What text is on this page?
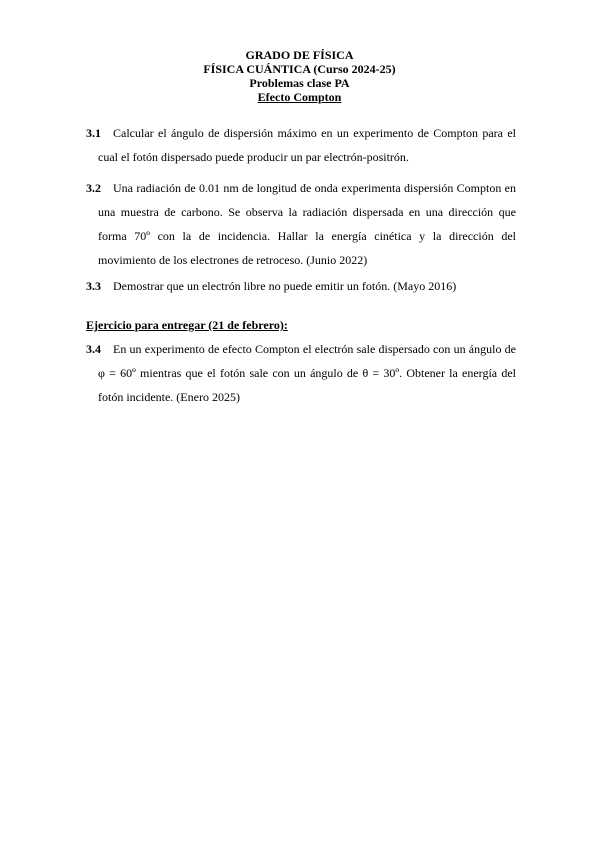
GRADO DE FÍSICA
FÍSICA CUÁNTICA (Curso 2024-25)
Problemas clase PA
Efecto Compton
3.1	Calcular el ángulo de dispersión máximo en un experimento de Compton para el cual el fotón dispersado puede producir un par electrón-positrón.

3.2	Una radiación de 0.01 nm de longitud de onda experimenta dispersión Compton en una muestra de carbono. Se observa la radiación dispersada en una dirección que forma 70º con la de incidencia. Hallar la energía cinética y la dirección del movimiento de los electrones de retroceso. (Junio 2022)

3.3	Demostrar que un electrón libre no puede emitir un fotón. (Mayo 2016)

Ejercicio para entregar (21 de febrero):
3.4	En un experimento de efecto Compton el electrón sale dispersado con un ángulo de φ = 60º mientras que el fotón sale con un ángulo de θ = 30º. Obtener la energía del fotón incidente. (Enero 2025)
